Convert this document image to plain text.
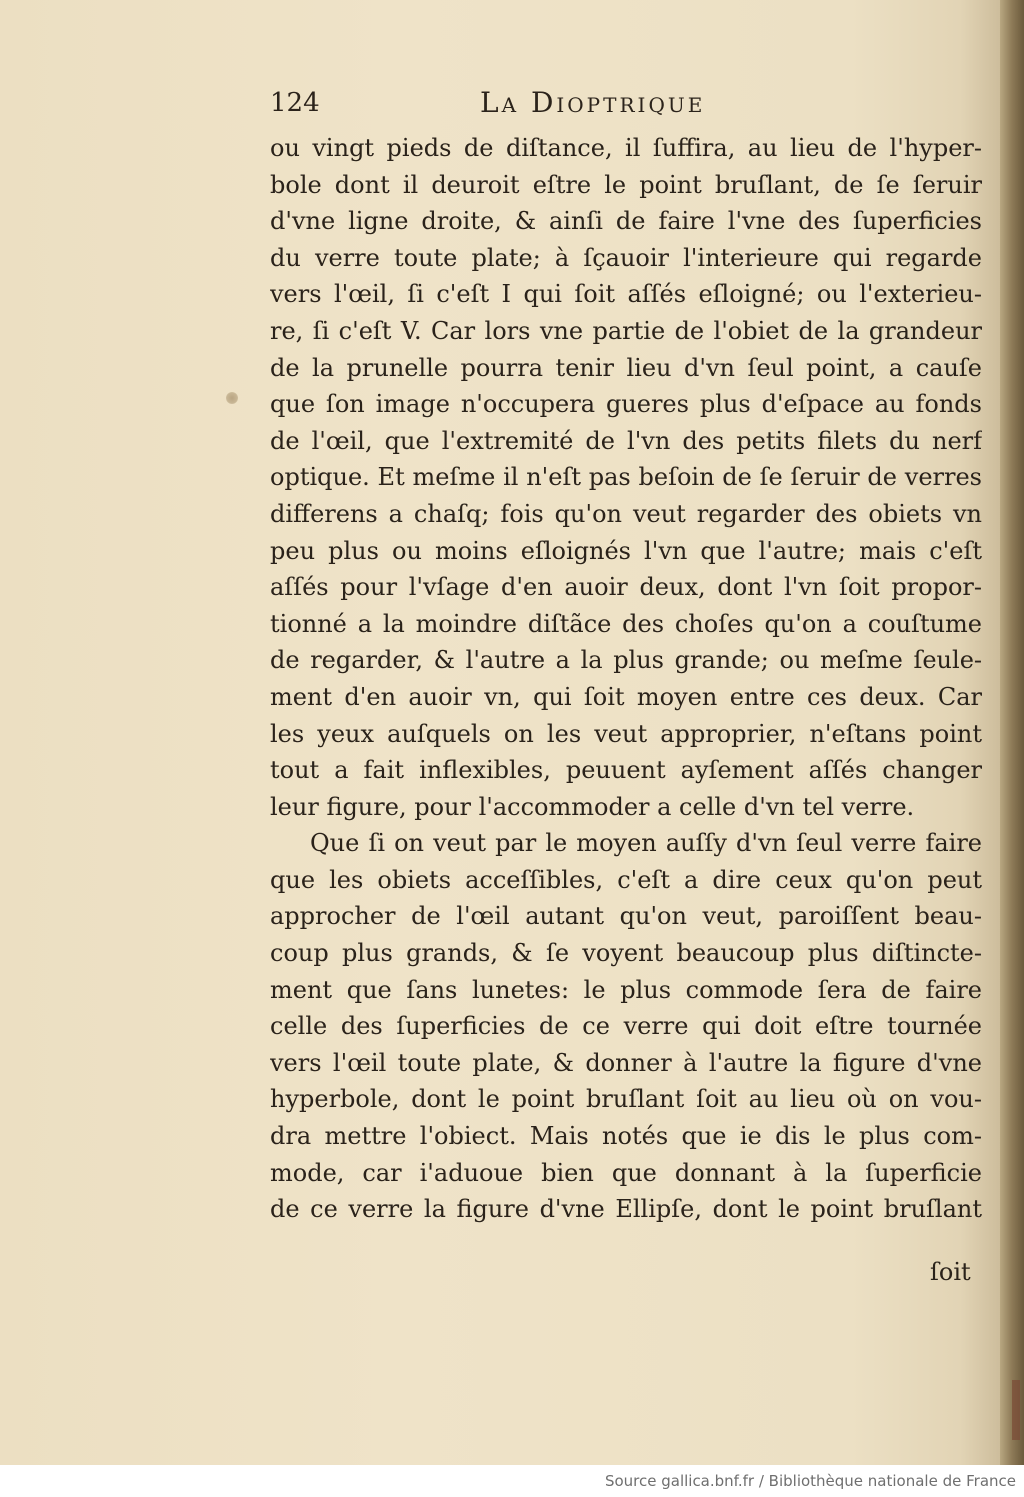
124	La Dioptrique
ou vingt pieds de diſtance, il ſuffira, au lieu de l'hyper-
bole dont il deuroit eſtre le point bruſlant, de ſe ſeruir
d'vne ligne droite, & ainſi de faire l'vne des ſuperficies
du verre toute plate; à ſçauoir l'interieure qui regarde
vers l'œil, ſi c'eſt I qui ſoit aſſés eſloigné; ou l'exterieu-
re, ſi c'eſt V. Car lors vne partie de l'obiet de la grandeur
de la prunelle pourra tenir lieu d'vn ſeul point, a cauſe
que ſon image n'occupera gueres plus d'eſpace au fonds
de l'œil, que l'extremité de l'vn des petits filets du nerf
optique. Et meſme il n'eſt pas beſoin de ſe ſeruir de verres
differens a chaſq; fois qu'on veut regarder des obiets vn
peu plus ou moins eſloignés l'vn que l'autre; mais c'eſt
aſſés pour l'vſage d'en auoir deux, dont l'vn ſoit propor-
tionné a la moindre diſtãce des choſes qu'on a couſtume
de regarder, & l'autre a la plus grande; ou meſme ſeule-
ment d'en auoir vn, qui ſoit moyen entre ces deux. Car
les yeux auſquels on les veut approprier, n'eſtans point
tout a fait inflexibles, peuuent ayſement aſſés changer
leur figure, pour l'accommoder a celle d'vn tel verre.
Que ſi on veut par le moyen auſſy d'vn ſeul verre faire
que les obiets acceſſibles, c'eſt a dire ceux qu'on peut
approcher de l'œil autant qu'on veut, paroiſſent beau-
coup plus grands, & ſe voyent beaucoup plus diſtincte-
ment que ſans lunetes: le plus commode ſera de faire
celle des ſuperficies de ce verre qui doit eſtre tournée
vers l'œil toute plate, & donner à l'autre la figure d'vne
hyperbole, dont le point bruſlant ſoit au lieu où on vou-
dra mettre l'obiect. Mais notés que ie dis le plus com-
mode, car i'aduoue bien que donnant à la ſuperficie
de ce verre la figure d'vne Ellipſe, dont le point bruſlant
ſoit
Source gallica.bnf.fr / Bibliothèque nationale de France
